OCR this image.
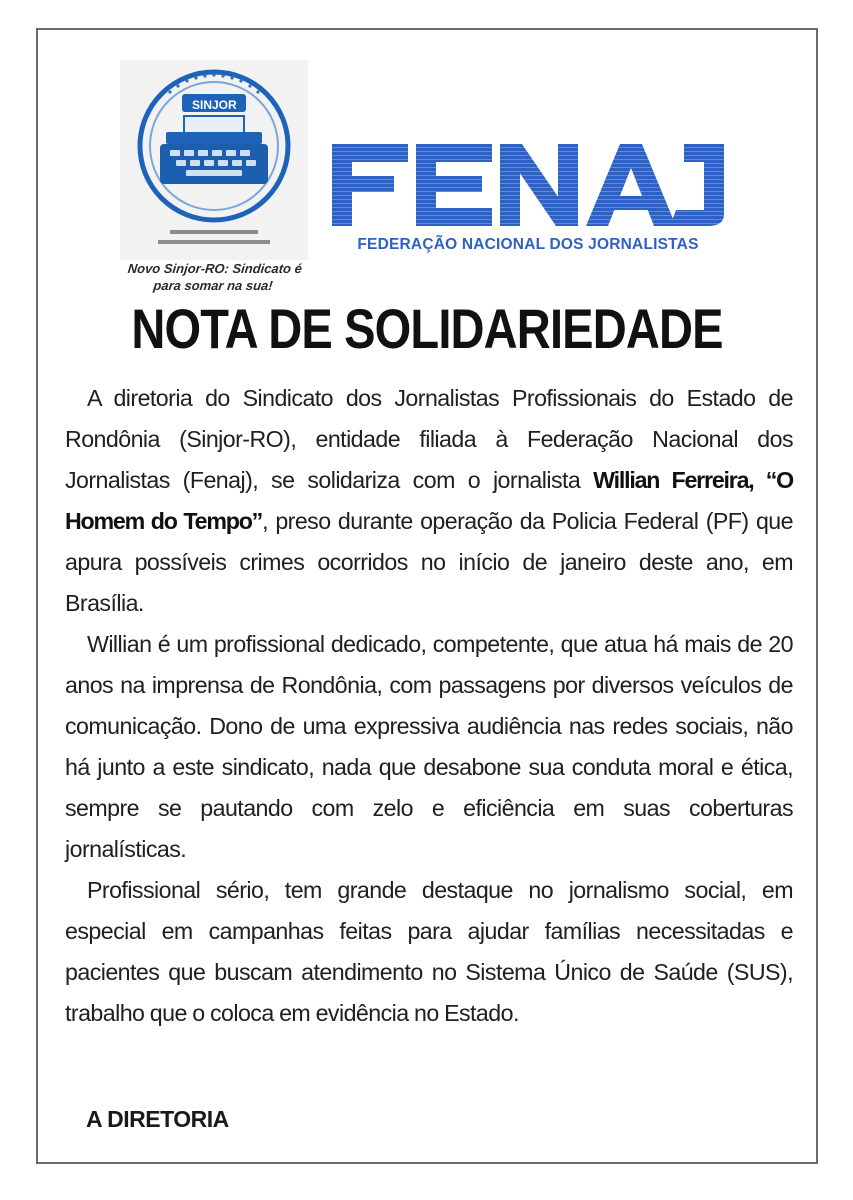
SINJOR
Novo Sinjor-RO: Sindicato é
para somar na sua!
FEDERAÇÃO NACIONAL DOS JORNALISTAS
NOTA DE SOLIDARIEDADE

A diretoria do Sindicato dos Jornalistas Profissionais do Estado de Rondônia (Sinjor-RO), entidade filiada à Federação Nacional dos Jornalistas (Fenaj), se solidariza com o jornalista Willian Ferreira, “O Homem do Tempo”, preso durante operação da Policia Federal (PF) que apura possíveis crimes ocorridos no início de janeiro deste ano, em Brasília.

Willian é um profissional dedicado, competente, que atua há mais de 20 anos na imprensa de Rondônia, com passagens por diversos veículos de comunicação. Dono de uma expressiva audiência nas redes sociais, não há junto a este sindicato, nada que desabone sua conduta moral e ética, sempre se pautando com zelo e eficiência em suas coberturas jornalísticas.

Profissional sério, tem grande destaque no jornalismo social, em especial em campanhas feitas para ajudar famílias necessitadas e pacientes que buscam atendimento no Sistema Único de Saúde (SUS), trabalho que o coloca em evidência no Estado.

A DIRETORIA
